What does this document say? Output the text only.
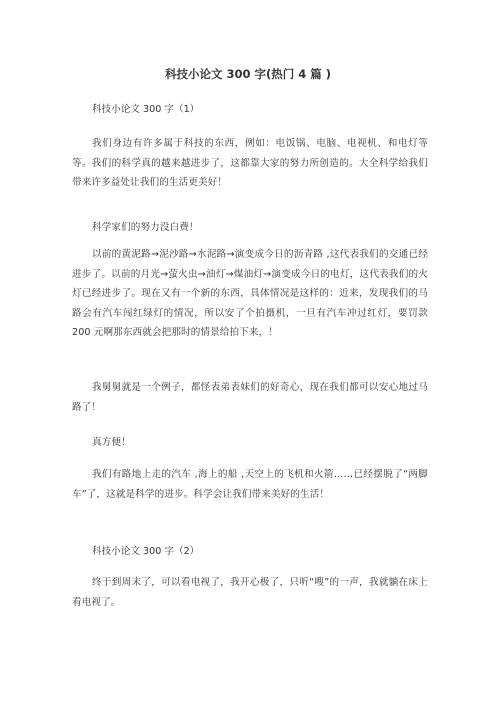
科技小论文 300 字(热门 4 篇 )
科技小论文 300 字（1）

我们身边有许多属于科技的东西，例如：电饭锅、电脑、电视机、和电灯等等。我们的科学真的越来越进步了，这都靠大家的努力所创造的。大全科学给我们带来许多益处让我们的生活更美好！

科学家们的努力没白费！

以前的黄泥路→泥沙路→水泥路→演变成今日的沥青路 ,这代表我们的交通已经进步了。以前的月光→萤火虫→油灯→煤油灯→演变成今日的电灯，这代表我们的火灯已经进步了。现在又有一个新的东西，具体情况是这样的：近来，发现我们的马路会有汽车闯红绿灯的情况，所以安了个拍摄机，一旦有汽车冲过红灯，要罚款 200 元啊那东西就会把那时的情景给拍下来，！

我舅舅就是一个例子，都怪表弟表妹们的好奇心，现在我们都可以安心地过马路了！

真方便！

我们有路地上走的汽车 ,海上的船 ,天空上的飞机和火箭……已经摆脱了“两脚车”了，这就是科学的进步。科学会让我们带来美好的生活！

科技小论文 300 字（2）

终于到周末了，可以看电视了，我开心极了，只听“嗖”的一声，我就躺在床上看电视了。
